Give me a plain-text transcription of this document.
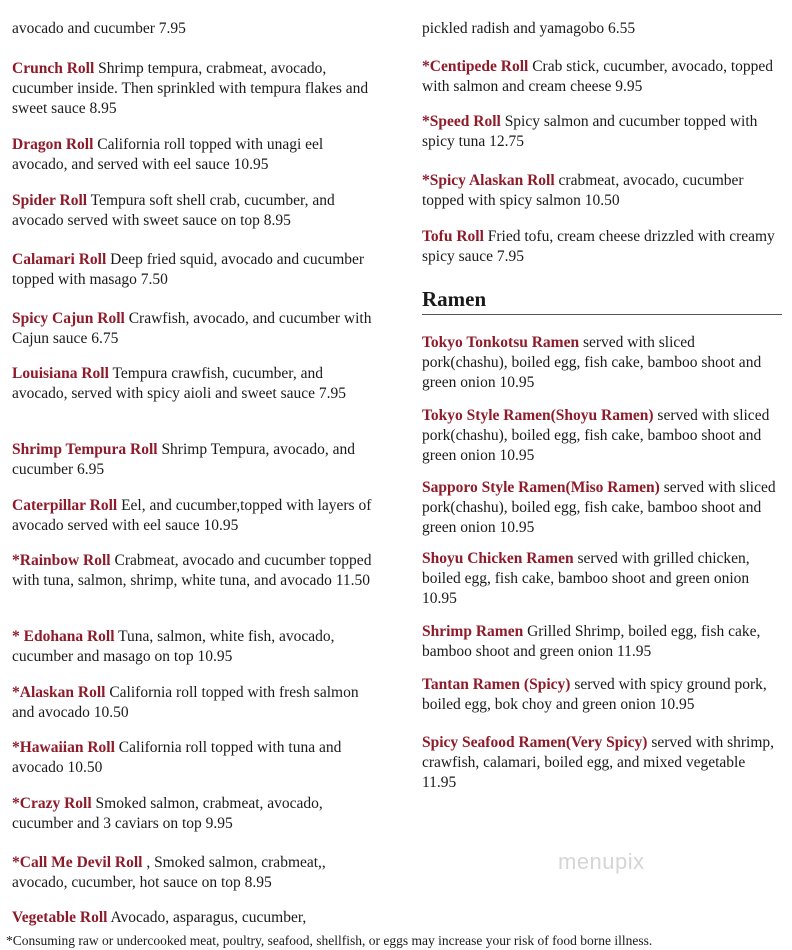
avocado and cucumber 7.95

Crunch Roll Shrimp tempura, crabmeat, avocado, cucumber inside. Then sprinkled with tempura flakes and sweet sauce 8.95

Dragon Roll California roll topped with unagi eel avocado, and served with eel sauce 10.95

Spider Roll Tempura soft shell crab, cucumber, and avocado served with sweet sauce on top 8.95

Calamari Roll Deep fried squid, avocado and cucumber topped with masago 7.50

Spicy Cajun Roll Crawfish, avocado, and cucumber with Cajun sauce 6.75

Louisiana Roll Tempura crawfish, cucumber, and avocado, served with spicy aioli and sweet sauce 7.95

Shrimp Tempura Roll Shrimp Tempura, avocado, and cucumber 6.95

Caterpillar Roll Eel, and cucumber,topped with layers of avocado served with eel sauce 10.95

*Rainbow Roll Crabmeat, avocado and cucumber topped with tuna, salmon, shrimp, white tuna, and avocado 11.50

* Edohana Roll Tuna, salmon, white fish, avocado, cucumber and masago on top 10.95

*Alaskan Roll California roll topped with fresh salmon and avocado 10.50

*Hawaiian Roll California roll topped with tuna and avocado 10.50

*Crazy Roll Smoked salmon, crabmeat, avocado, cucumber and 3 caviars on top 9.95

*Call Me Devil Roll , Smoked salmon, crabmeat,, avocado, cucumber, hot sauce on top 8.95

Vegetable Roll Avocado, asparagus, cucumber,

pickled radish and yamagobo 6.55

*Centipede Roll Crab stick, cucumber, avocado, topped with salmon and cream cheese 9.95

*Speed Roll Spicy salmon and cucumber topped with spicy tuna 12.75

*Spicy Alaskan Roll crabmeat, avocado, cucumber topped with spicy salmon 10.50

Tofu Roll Fried tofu, cream cheese drizzled with creamy spicy sauce 7.95

Ramen

Tokyo Tonkotsu Ramen served with sliced pork(chashu), boiled egg, fish cake, bamboo shoot and green onion 10.95

Tokyo Style Ramen(Shoyu Ramen) served with sliced pork(chashu), boiled egg, fish cake, bamboo shoot and green onion 10.95

Sapporo Style Ramen(Miso Ramen) served with sliced pork(chashu), boiled egg, fish cake, bamboo shoot and green onion 10.95

Shoyu Chicken Ramen served with grilled chicken, boiled egg, fish cake, bamboo shoot and green onion 10.95

Shrimp Ramen Grilled Shrimp, boiled egg, fish cake, bamboo shoot and green onion 11.95

Tantan Ramen (Spicy) served with spicy ground pork, boiled egg, bok choy and green onion 10.95

Spicy Seafood Ramen(Very Spicy) served with shrimp, crawfish, calamari, boiled egg, and mixed vegetable 11.95

menupix
*Consuming raw or undercooked meat, poultry, seafood, shellfish, or eggs may increase your risk of food borne illness.
